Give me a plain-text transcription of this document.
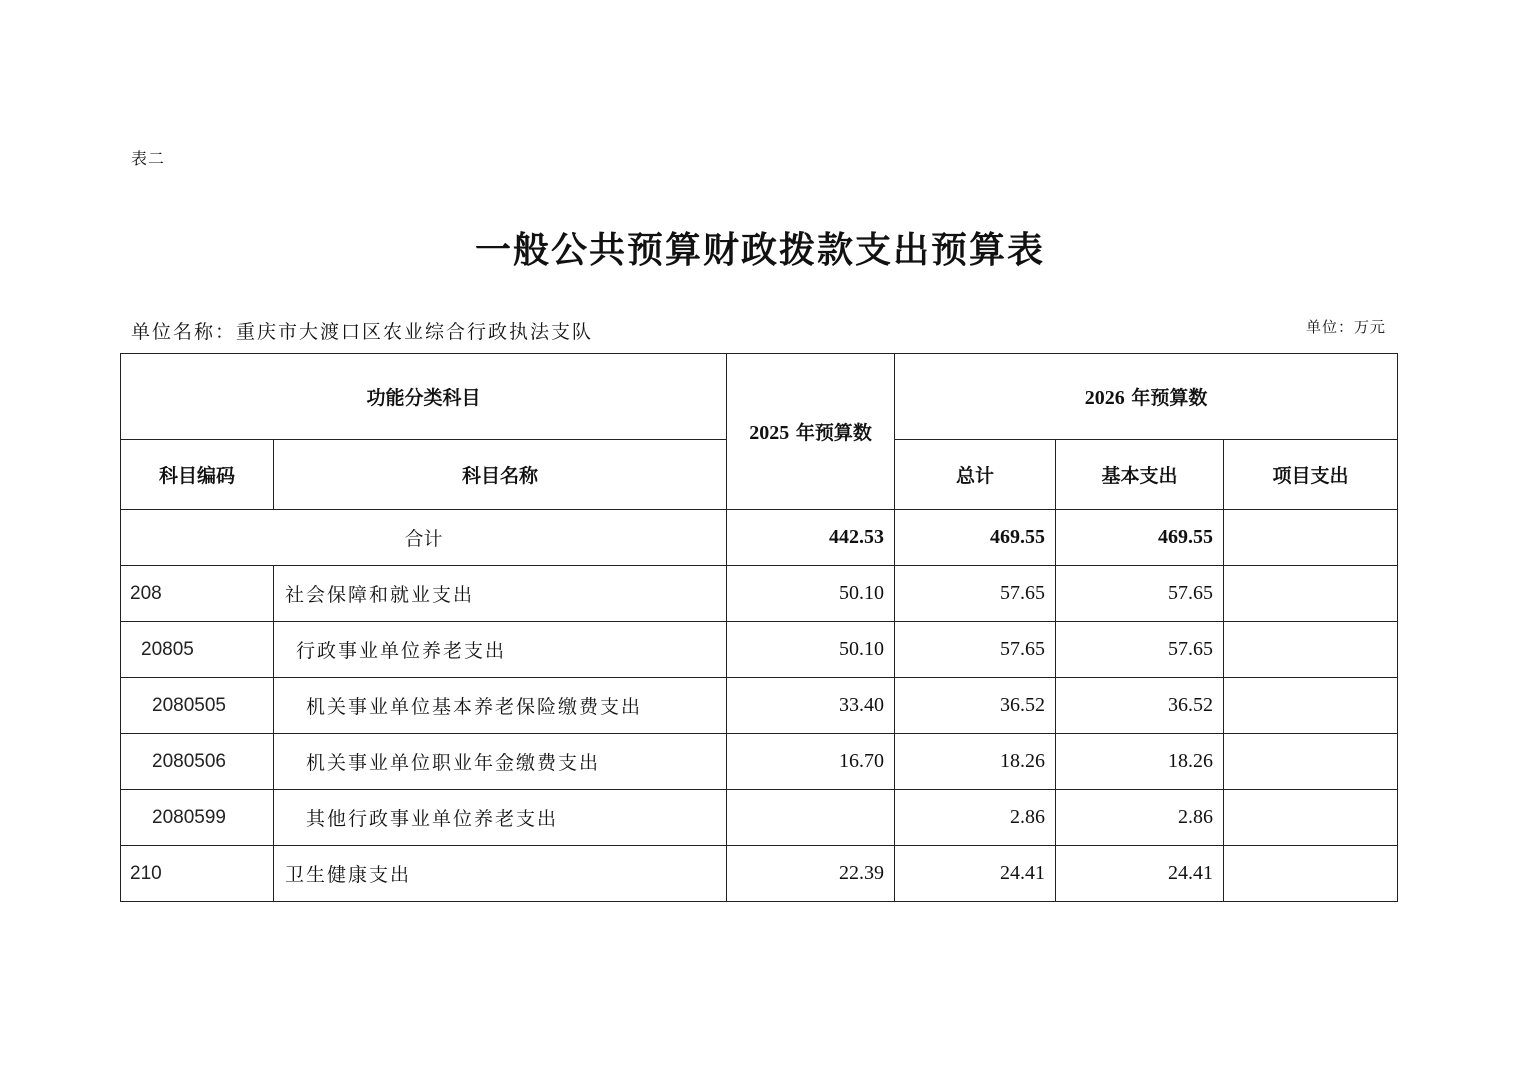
表二
一般公共预算财政拨款支出预算表
单位名称：重庆市大渡口区农业综合行政执法支队	单位：万元
功能分类科目		2025 年预算数	2026 年预算数		
科目编码	科目名称		总计	基本支出	项目支出
合计		442.53	469.55	469.55	
208	社会保障和就业支出	50.10	57.65	57.65	
20805	行政事业单位养老支出	50.10	57.65	57.65	
2080505	机关事业单位基本养老保险缴费支出	33.40	36.52	36.52	
2080506	机关事业单位职业年金缴费支出	16.70	18.26	18.26	
2080599	其他行政事业单位养老支出		2.86	2.86	
210	卫生健康支出	22.39	24.41	24.41	
